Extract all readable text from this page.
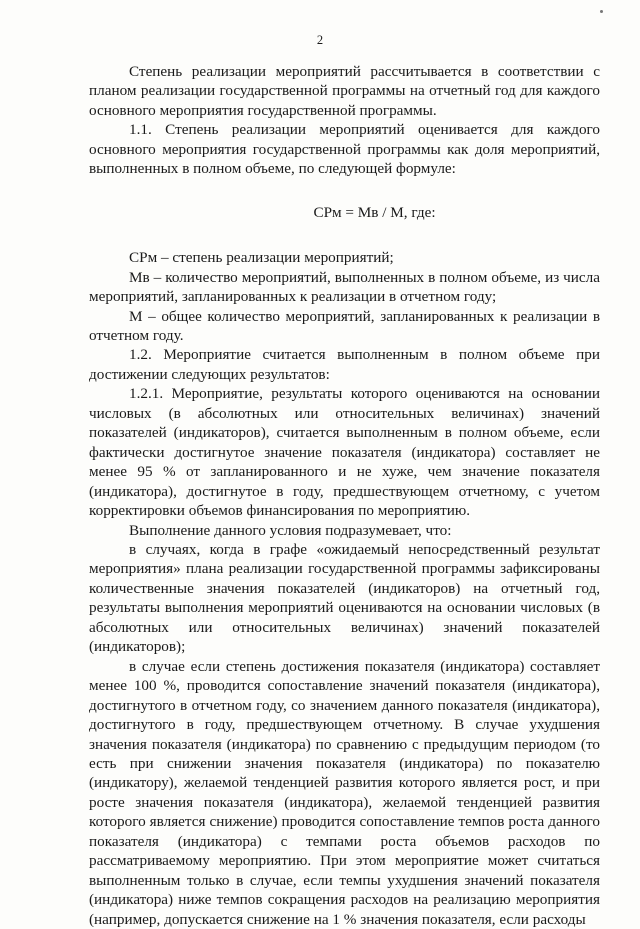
2

Степень реализации мероприятий рассчитывается в соответствии с планом реализации государственной программы на отчетный год для каждого основного мероприятия государственной программы.

1.1. Степень реализации мероприятий оценивается для каждого основного мероприятия государственной программы как доля мероприятий, выполненных в полном объеме, по следующей формуле:

СРм = Мв / М, где:

СРм – степень реализации мероприятий;

Мв – количество мероприятий, выполненных в полном объеме, из числа мероприятий, запланированных к реализации в отчетном году;

М – общее количество мероприятий, запланированных к реализации в отчетном году.

1.2. Мероприятие считается выполненным в полном объеме при достижении следующих результатов:

1.2.1. Мероприятие, результаты которого оцениваются на основании числовых (в абсолютных или относительных величинах) значений показателей (индикаторов), считается выполненным в полном объеме, если фактически достигнутое значение показателя (индикатора) составляет не менее 95 % от запланированного и не хуже, чем значение показателя (индикатора), достигнутое в году, предшествующем отчетному, с учетом корректировки объемов финансирования по мероприятию.

Выполнение данного условия подразумевает, что:

в случаях, когда в графе «ожидаемый непосредственный результат мероприятия» плана реализации государственной программы зафиксированы количественные значения показателей (индикаторов) на отчетный год, результаты выполнения мероприятий оцениваются на основании числовых (в абсолютных или относительных величинах) значений показателей (индикаторов);

в случае если степень достижения показателя (индикатора) составляет менее 100 %, проводится сопоставление значений показателя (индикатора), достигнутого в отчетном году, со значением данного показателя (индикатора), достигнутого в году, предшествующем отчетному. В случае ухудшения значения показателя (индикатора) по сравнению с предыдущим периодом (то есть при снижении значения показателя (индикатора) по показателю (индикатору), желаемой тенденцией развития которого является рост, и при росте значения показателя (индикатора), желаемой тенденцией развития которого является снижение) проводится сопоставление темпов роста данного показателя (индикатора) с темпами роста объемов расходов по рассматриваемому мероприятию. При этом мероприятие может считаться выполненным только в случае, если темпы ухудшения значений показателя (индикатора) ниже темпов сокращения расходов на реализацию мероприятия (например, допускается снижение на 1 % значения показателя, если расходы
